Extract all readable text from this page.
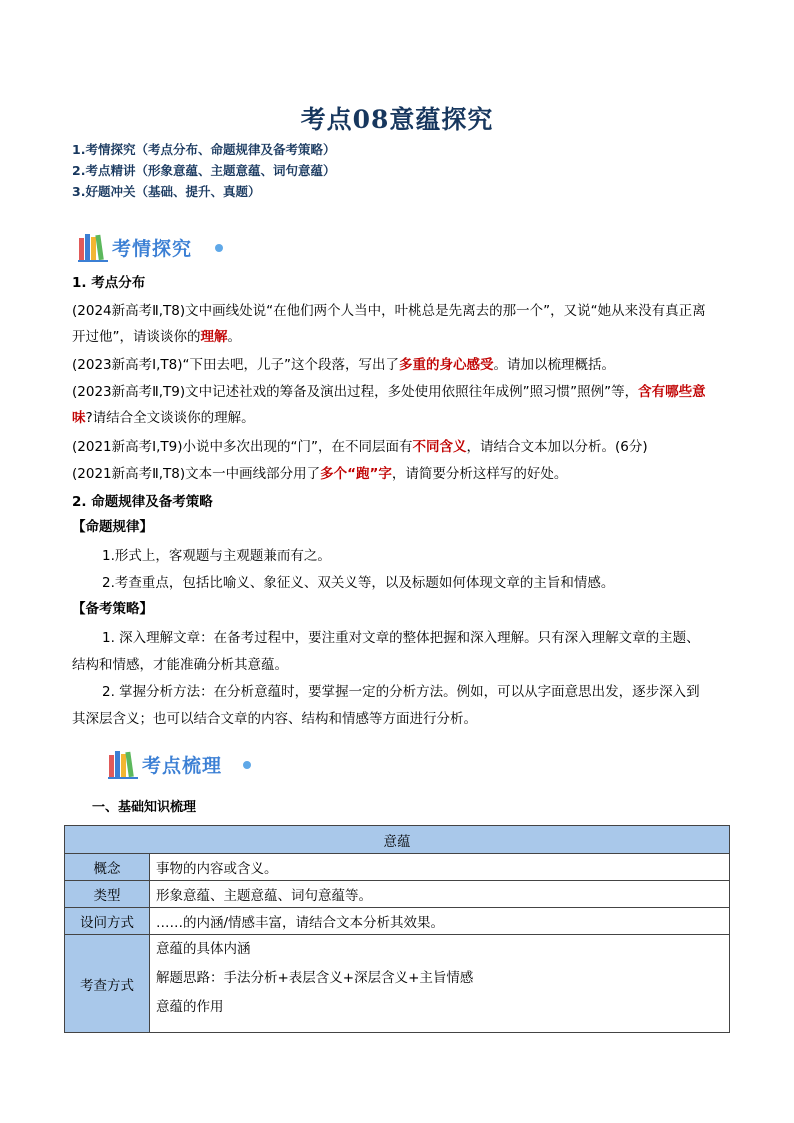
考点08意蕴探究
1.考情探究（考点分布、命题规律及备考策略）
2.考点精讲（形象意蕴、主题意蕴、词句意蕴）
3.好题冲关（基础、提升、真题）
考情探究
1. 考点分布
(2024新高考Ⅱ,T8)文中画线处说“在他们两个人当中，叶桃总是先离去的那一个”，又说“她从来没有真正离
开过他”，请谈谈你的理解。
(2023新高考Ⅰ,T8)“下田去吧，儿子”这个段落，写出了多重的身心感受。请加以梳理概括。
(2023新高考Ⅱ,T9)文中记述社戏的筹备及演出过程，多处使用依照往年成例”照习惯”照例”等，含有哪些意
味?请结合全文谈谈你的理解。
(2021新高考Ⅰ,T9)小说中多次出现的“门”，在不同层面有不同含义，请结合文本加以分析。(6分)
(2021新高考Ⅱ,T8)文本一中画线部分用了多个“跑”字，请简要分析这样写的好处。
2. 命题规律及备考策略
【命题规律】
1.形式上，客观题与主观题兼而有之。
2.考查重点，包括比喻义、象征义、双关义等，以及标题如何体现文章的主旨和情感。
【备考策略】
1. 深入理解文章：在备考过程中，要注重对文章的整体把握和深入理解。只有深入理解文章的主题、
结构和情感，才能准确分析其意蕴。
2. 掌握分析方法：在分析意蕴时，要掌握一定的分析方法。例如，可以从字面意思出发，逐步深入到
其深层含义；也可以结合文章的内容、结构和情感等方面进行分析。
考点梳理
一、基础知识梳理
意蕴	
概念	事物的内容或含义。
类型	形象意蕴、主题意蕴、词句意蕴等。
设问方式	……的内涵/情感丰富，请结合文本分析其效果。
考查方式	意蕴的具体内涵
解题思路：手法分析+表层含义+深层含义+主旨情感
意蕴的作用
